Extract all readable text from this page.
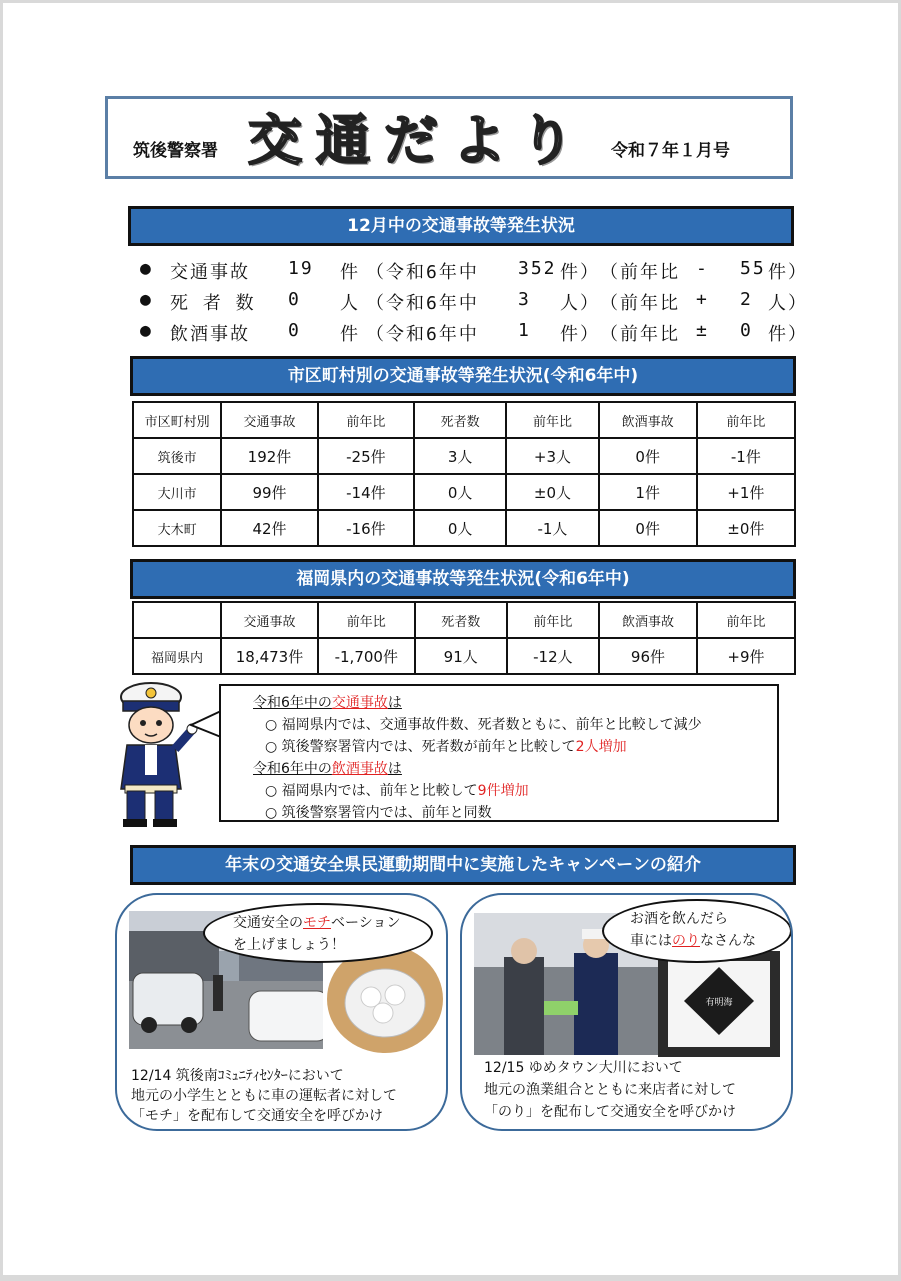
筑後警察署 交通だより 令和７年１月号
12月中の交通事故等発生状況
● 交通事故 19 件 （令和6年中 352 件） （前年比 - 55 件）
● 死 者 数 0 人 （令和6年中 3 人） （前年比 + 2 人）
● 飲酒事故 0 件 （令和6年中 1 件） （前年比 ± 0 件）
市区町村別の交通事故等発生状況(令和6年中)
市区町村別	交通事故	前年比	死者数	前年比	飲酒事故	前年比
筑後市	192件	-25件	3人	+3人	0件	-1件
大川市	99件	-14件	0人	±0人	1件	+1件
大木町	42件	-16件	0人	-1人	0件	±0件
福岡県内の交通事故等発生状況(令和6年中)
	交通事故	前年比	死者数	前年比	飲酒事故	前年比
福岡県内	18,473件	-1,700件	91人	-12人	96件	+9件
令和6年中の交通事故は
○ 福岡県内では、交通事故件数、死者数ともに、前年と比較して減少
○ 筑後警察署管内では、死者数が前年と比較して2人増加
令和6年中の飲酒事故は
○ 福岡県内では、前年と比較して9件増加
○ 筑後警察署管内では、前年と同数
年末の交通安全県民運動期間中に実施したキャンペーンの紹介
交通安全のモチベーション
を上げましょう！
12/14 筑後南ｺﾐｭﾆﾃｨｾﾝﾀｰにおいて
地元の小学生とともに車の運転者に対して
「モチ」を配布して交通安全を呼びかけ
有明海
お酒を飲んだら
車にはのりなさんな
12/15 ゆめタウン大川において
地元の漁業組合とともに来店者に対して
「のり」を配布して交通安全を呼びかけ
